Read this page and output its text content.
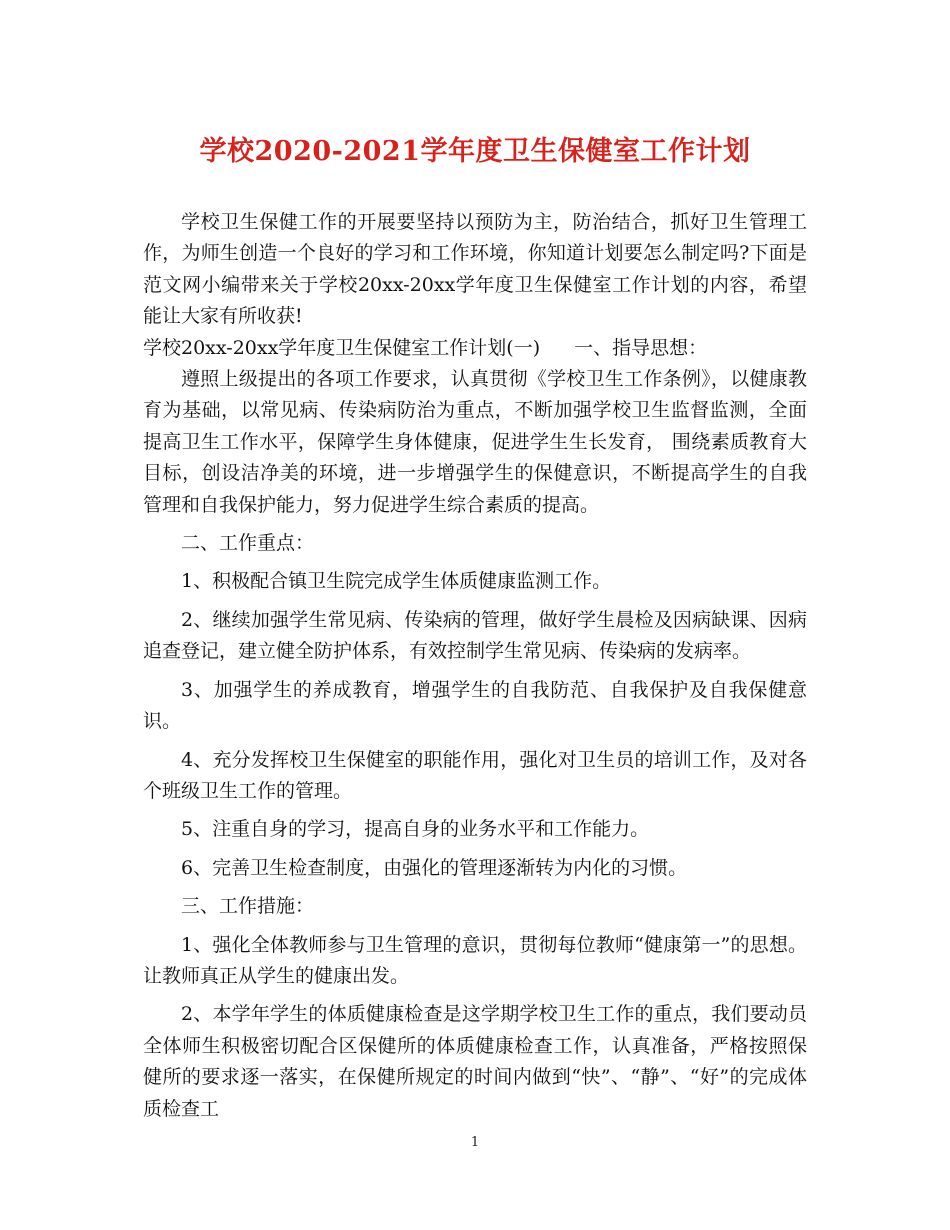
学校2020-2021学年度卫生保健室工作计划

学校卫生保健工作的开展要坚持以预防为主，防治结合，抓好卫生管理工作，为师生创造一个良好的学习和工作环境，你知道计划要怎么制定吗?下面是范文网小编带来关于学校20xx-20xx学年度卫生保健室工作计划的内容，希望能让大家有所收获!

学校20xx-20xx学年度卫生保健室工作计划(一) 一、指导思想：

遵照上级提出的各项工作要求，认真贯彻《学校卫生工作条例》，以健康教育为基础，以常见病、传染病防治为重点，不断加强学校卫生监督监测，全面提高卫生工作水平，保障学生身体健康，促进学生生长发育， 围绕素质教育大目标，创设洁净美的环境，进一步增强学生的保健意识，不断提高学生的自我管理和自我保护能力，努力促进学生综合素质的提高。

二、工作重点：

1、积极配合镇卫生院完成学生体质健康监测工作。

2、继续加强学生常见病、传染病的管理，做好学生晨检及因病缺课、因病追查登记，建立健全防护体系，有效控制学生常见病、传染病的发病率。

3、加强学生的养成教育，增强学生的自我防范、自我保护及自我保健意识。

4、充分发挥校卫生保健室的职能作用，强化对卫生员的培训工作，及对各个班级卫生工作的管理。

5、注重自身的学习，提高自身的业务水平和工作能力。

6、完善卫生检查制度，由强化的管理逐渐转为内化的习惯。

三、工作措施：

1、强化全体教师参与卫生管理的意识，贯彻每位教师“健康第一”的思想。让教师真正从学生的健康出发。

2、本学年学生的体质健康检查是这学期学校卫生工作的重点，我们要动员全体师生积极密切配合区保健所的体质健康检查工作，认真准备，严格按照保健所的要求逐一落实，在保健所规定的时间内做到“快”、“静”、“好”的完成体质检查工

1
